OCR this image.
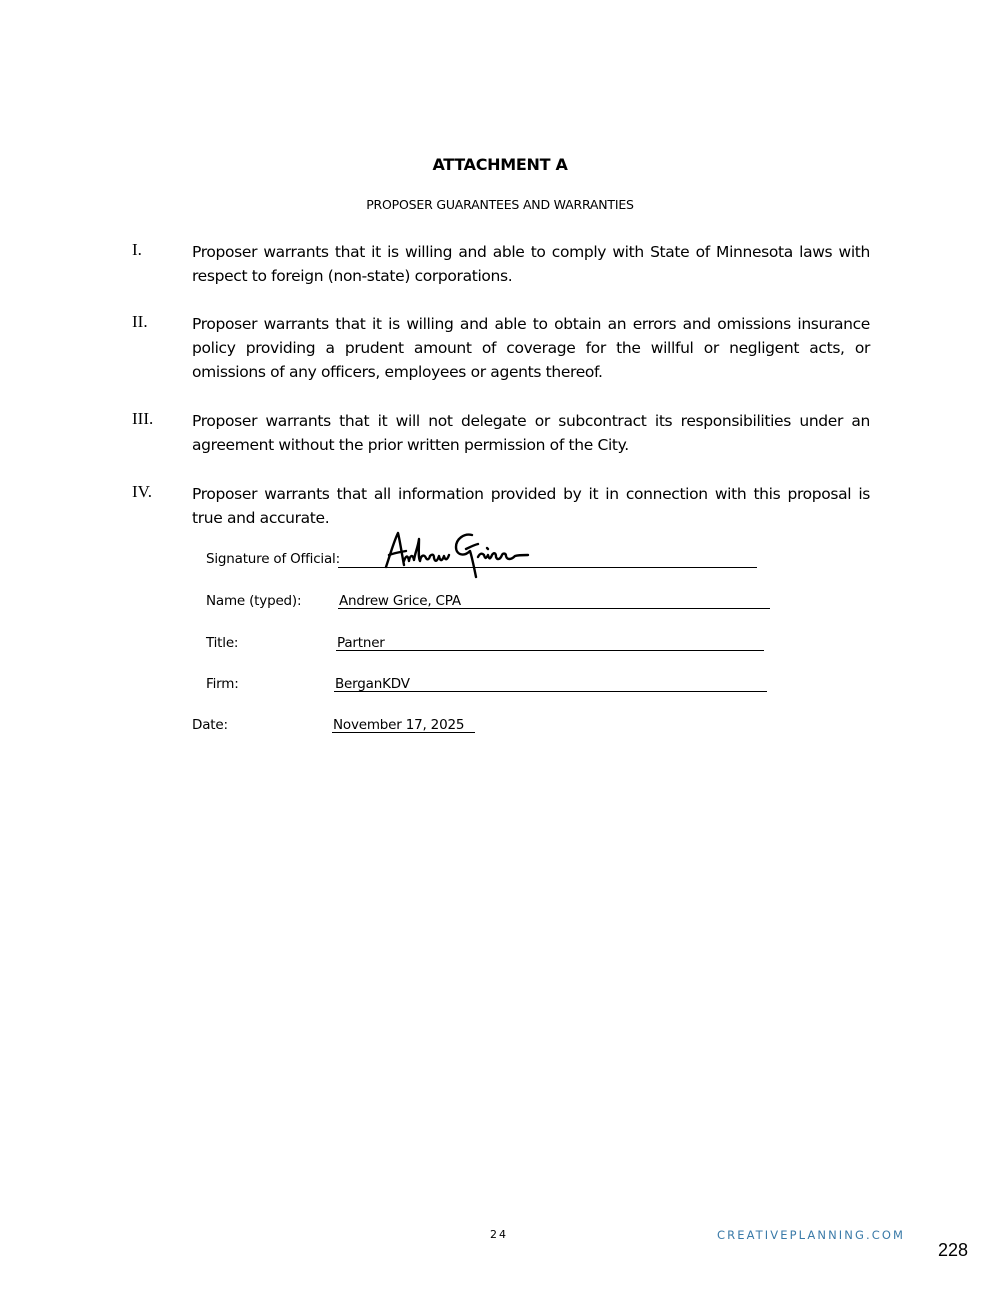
ATTACHMENT A
PROPOSER GUARANTEES AND WARRANTIES
I.	Proposer warrants that it is willing and able to comply with State of Minnesota laws with respect to foreign (non-state) corporations.
II.	Proposer warrants that it is willing and able to obtain an errors and omissions insurance policy providing a prudent amount of coverage for the willful or negligent acts, or omissions of any officers, employees or agents thereof.
III.	Proposer warrants that it will not delegate or subcontract its responsibilities under an agreement without the prior written permission of the City.
IV.	Proposer warrants that all information provided by it in connection with this proposal is true and accurate.
Signature of Official:
Name (typed):	Andrew Grice, CPA
Title:	Partner
Firm:	BerganKDV
Date:	November 17, 2025
24	CREATIVEPLANNING.COM
228
